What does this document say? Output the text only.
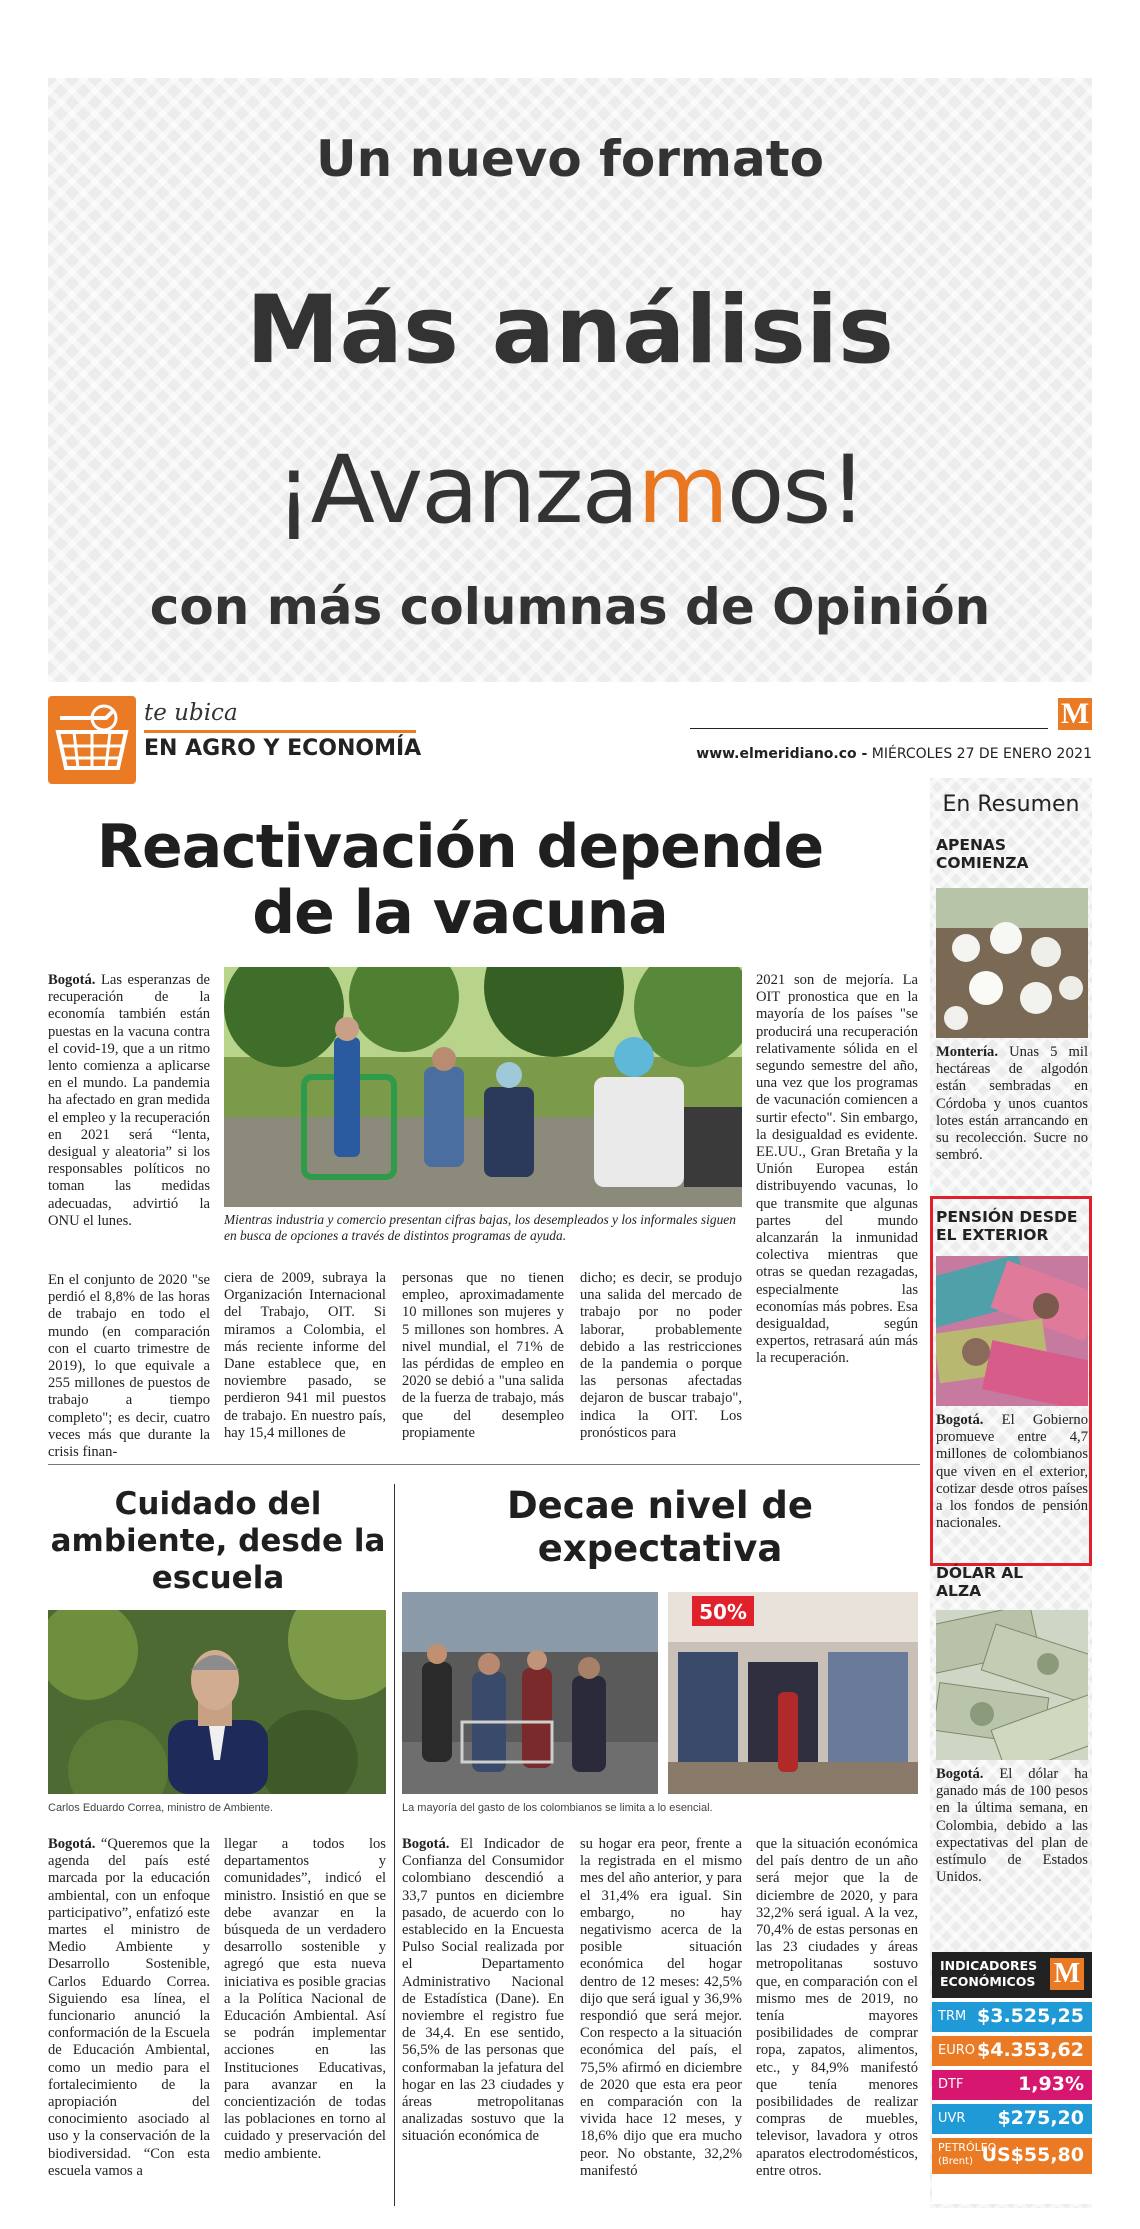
Un nuevo formato
Más análisis
¡Avanzamos!
con más columnas de Opinión
te ubica
EN AGRO Y ECONOMÍA
M
www.elmeridiano.co - MIÉRCOLES 27 DE ENERO 2021
Reactivación depende de la vacuna
Bogotá. Las esperanzas de recuperación de la economía también están puestas en la vacuna contra el covid-19, que a un ritmo lento comienza a aplicarse en el mundo. La pandemia ha afectado en gran medida el empleo y la recuperación en 2021 será “lenta, desigual y aleatoria” si los responsables políticos no toman las medidas adecuadas, advirtió la ONU el lunes.
En el conjunto de 2020 "se perdió el 8,8% de las horas de trabajo en todo el mundo (en comparación con el cuarto trimestre de 2019), lo que equivale a 255 millones de puestos de trabajo a tiempo completo"; es decir, cuatro veces más que durante la crisis finan-
Mientras industria y comercio presentan cifras bajas, los desempleados y los informales siguen en busca de opciones a través de distintos programas de ayuda.
ciera de 2009, subraya la Organización Internacional del Trabajo, OIT. Si miramos a Colombia, el más reciente informe del Dane establece que, en noviembre pasado, se perdieron 941 mil puestos de trabajo. En nuestro país, hay 15,4 millones de
personas que no tienen empleo, aproximadamente 10 millones son mujeres y 5 millones son hombres. A nivel mundial, el 71% de las pérdidas de empleo en 2020 se debió a "una salida de la fuerza de trabajo, más que del desempleo propiamente
dicho; es decir, se produjo una salida del mercado de trabajo por no poder laborar, probablemente debido a las restricciones de la pandemia o porque las personas afectadas dejaron de buscar trabajo", indica la OIT. Los pronósticos para
2021 son de mejoría. La OIT pronostica que en la mayoría de los países "se producirá una recuperación relativamente sólida en el segundo semestre del año, una vez que los programas de vacunación comiencen a surtir efecto". Sin embargo, la desigualdad es evidente. EE.UU., Gran Bretaña y la Unión Europea están distribuyendo vacunas, lo que transmite que algunas partes del mundo alcanzarán la inmunidad colectiva mientras que otras se quedan rezagadas, especialmente las economías más pobres. Esa desigualdad, según expertos, retrasará aún más la recuperación.
Cuidado del ambiente, desde la escuela
Carlos Eduardo Correa, ministro de Ambiente.
Bogotá. “Queremos que la agenda del país esté marcada por la educación ambiental, con un enfoque participativo”, enfatizó este martes el ministro de Medio Ambiente y Desarrollo Sostenible, Carlos Eduardo Correa. Siguiendo esa línea, el funcionario anunció la conformación de la Escuela de Educación Ambiental, como un medio para el fortalecimiento de la apropiación del conocimiento asociado al uso y la conservación de la biodiversidad. “Con esta escuela vamos a
llegar a todos los departamentos y comunidades”, indicó el ministro. Insistió en que se debe avanzar en la búsqueda de un verdadero desarrollo sostenible y agregó que esta nueva iniciativa es posible gracias a la Política Nacional de Educación Ambiental. Así se podrán implementar acciones en las Instituciones Educativas, para avanzar en la concientización de todas las poblaciones en torno al cuidado y preservación del medio ambiente.
Decae nivel de expectativa
50%
La mayoría del gasto de los colombianos se limita a lo esencial.
Bogotá. El Indicador de Confianza del Consumidor colombiano descendió a 33,7 puntos en diciembre pasado, de acuerdo con lo establecido en la Encuesta Pulso Social realizada por el Departamento Administrativo Nacional de Estadística (Dane). En noviembre el registro fue de 34,4. En ese sentido, 56,5% de las personas que conformaban la jefatura del hogar en las 23 ciudades y áreas metropolitanas analizadas sostuvo que la situación económica de
su hogar era peor, frente a la registrada en el mismo mes del año anterior, y para el 31,4% era igual. Sin embargo, no hay negativismo acerca de la posible situación económica del hogar dentro de 12 meses: 42,5% dijo que será igual y 36,9% respondió que será mejor. Con respecto a la situación económica del país, el 75,5% afirmó en diciembre de 2020 que esta era peor en comparación con la vivida hace 12 meses, y 18,6% dijo que era mucho peor. No obstante, 32,2% manifestó
que la situación económica del país dentro de un año será mejor que la de diciembre de 2020, y para 32,2% será igual. A la vez, 70,4% de estas personas en las 23 ciudades y áreas metropolitanas sostuvo que, en comparación con el mismo mes de 2019, no tenía mayores posibilidades de comprar ropa, zapatos, alimentos, etc., y 84,9% manifestó que tenía menores posibilidades de realizar compras de muebles, televisor, lavadora y otros aparatos electrodomésticos, entre otros.
En Resumen
APENAS COMIENZA
Montería. Unas 5 mil hectáreas de algodón están sembradas en Córdoba y unos cuantos lotes están arrancando en su recolección. Sucre no sembró.
PENSIÓN DESDE EL EXTERIOR
Bogotá. El Gobierno promueve entre 4,7 millones de colombianos que viven en el exterior, cotizar desde otros países a los fondos de pensión nacionales.
DÓLAR AL ALZA
Bogotá. El dólar ha ganado más de 100 pesos en la última semana, en Colombia, debido a las expectativas del plan de estímulo de Estados Unidos.
INDICADORES ECONÓMICOS M
TRM $3.525,25
EURO $4.353,62
DTF	1,93%
UVR $275,20
PETRÓLEO
(Brent) US$55,80
